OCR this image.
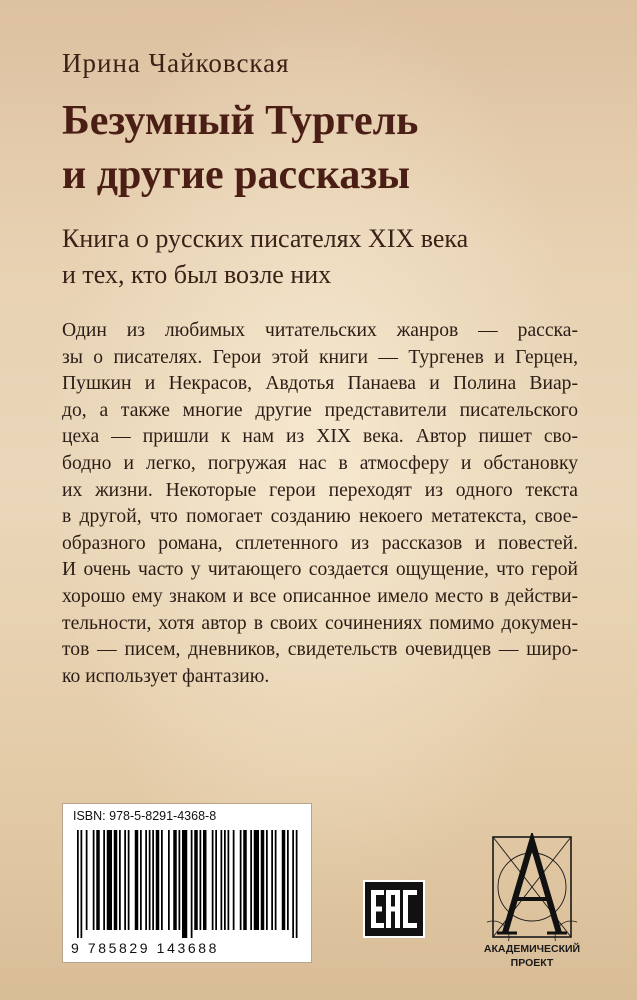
Ирина Чайковская
Безумный Тургель
и другие рассказы
Книга о русских писателях XIX века
и тех, кто был возле них
Один из любимых читательских жанров — расска-
зы о писателях. Герои этой книги — Тургенев и Герцен,
Пушкин и Некрасов, Авдотья Панаева и Полина Виар-
до, а также многие другие представители писательского
цеха — пришли к нам из XIX века. Автор пишет сво-
бодно и легко, погружая нас в атмосферу и обстановку
их жизни. Некоторые герои переходят из одного текста
в другой, что помогает созданию некоего метатекста, свое-
образного романа, сплетенного из рассказов и повестей.
И очень часто у читающего создается ощущение, что герой
хорошо ему знаком и все описанное имело место в действи-
тельности, хотя автор в своих сочинениях помимо докумен-
тов — писем, дневников, свидетельств очевидцев — широ-
ко использует фантазию.
ISBN: 978-5-8291-4368-8
9 785829 143688	АКАДЕМИЧЕСКИЙ
ПРОЕКТ
